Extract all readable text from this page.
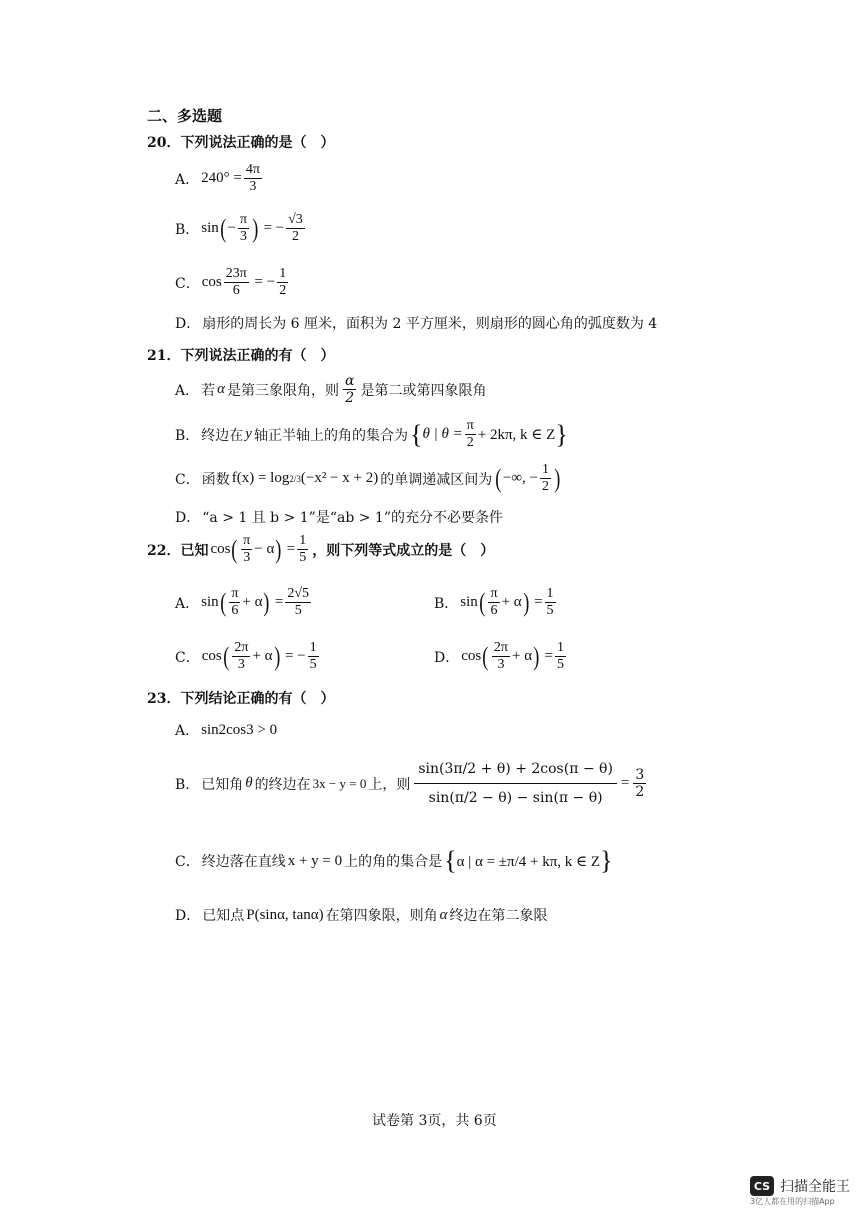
二、多选题
20．下列说法正确的是（　）
A． 240°
= $\frac{4\pi}{3}$
B． sin ( − $\frac{\pi}{3}$ )
= − $\frac{√3}{2}$
C． $\cos \frac{23\pi}{6}$
= − $\frac{1}{2}$
D． 扇形的周长为 6 厘米，面积为 2 平方厘米，则扇形的圆心角的弧度数为 4
21．下列说法正确的有（　）
A． 若 α 是第三象限角，则 $\frac{\alpha}{2}$ 是第二或第四象限角
B． 终边在 y 轴正半轴上的角的集合为 { θ | $\theta = \frac{\pi}{2} + 2k\pi$, k ∈ Z }
C． 函数 f(x) = log 2/3 (−x² − x + 2) 的单调递减区间为 ( −∞, − $\frac{1}{2}$ )
D． “a > 1 且 b > 1”是“ab > 1”的充分不必要条件
22．已知 cos ( $\frac{\pi}{3} - \alpha$ )
= $\frac{1}{5}$ ，则下列等式成立的是（　）
A． sin ( $\frac{\pi}{6} + \alpha$ )
= $\frac{2√5}{5}$	B． sin ( $\frac{\pi}{6} + \alpha$ )
= $\frac{1}{5}$
C． cos ( $\frac{2\pi}{3} + \alpha$ )
= − $\frac{1}{5}$	D． cos ( $\frac{2\pi}{3} + \alpha$ )
= $\frac{1}{5}$
23．下列结论正确的有（　）
A． sin2cos3 > 0
B． 已知角 θ 的终边在 3x − y = 0 上，则 $\frac{\sin(3\pi/2 + \theta) + 2\cos(\pi - \theta)}{\sin(\pi/2 - \theta) - \sin(\pi - \theta)} = \frac{3}{2}$
C． 终边落在直线 x + y = 0 上的角的集合是 { α | α = ±π/4 + kπ, k ∈ Z }
D． 已知点 P(sinα, tanα) 在第四象限，则角 α 终边在第二象限
试卷第 3页，共 6页
CS 扫描全能王
3亿人都在用的扫描App
